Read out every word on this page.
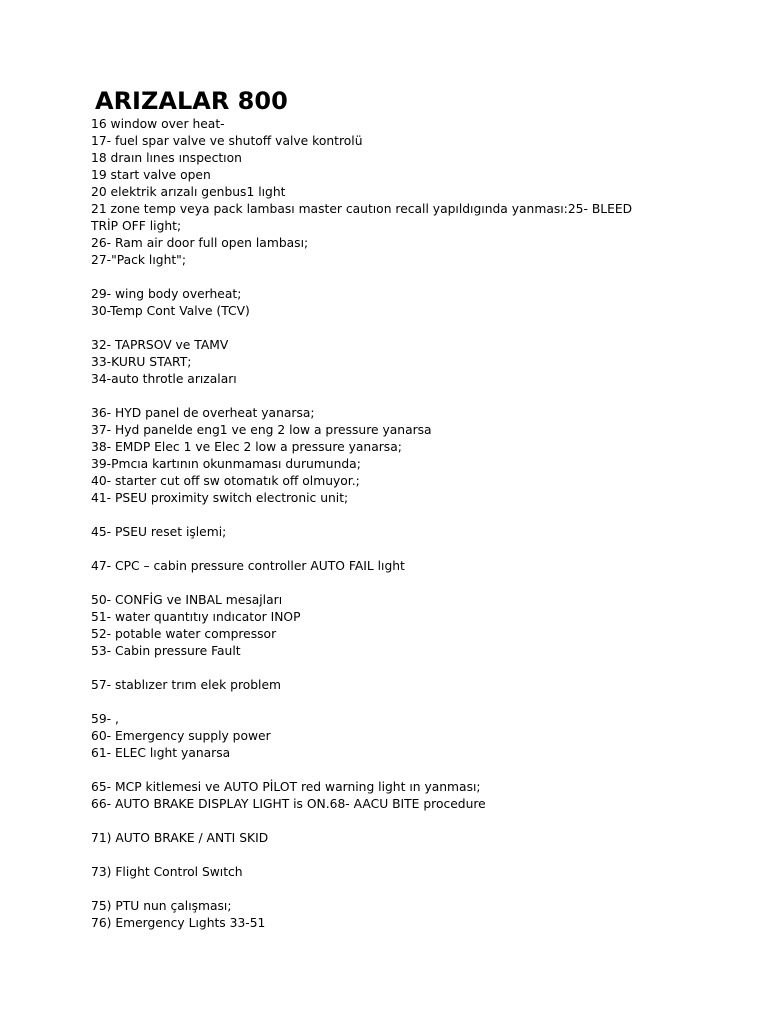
ARIZALAR 800
16 window over heat-
17- fuel spar valve ve shutoff valve kontrolü
18 draın lınes ınspectıon
19 start valve open
20 elektrik arızalı genbus1 lıght
21 zone temp veya pack lambası master cautıon recall yapıldıgında yanması:25- BLEED
TRİP OFF light;
26- Ram air door full open lambası;
27-"Pack lıght";
29- wing body overheat;
30-Temp Cont Valve (TCV)
32- TAPRSOV ve TAMV
33-KURU START;
34-auto throtle arızaları
36- HYD panel de overheat yanarsa;
37- Hyd panelde eng1 ve eng 2 low a pressure yanarsa
38- EMDP Elec 1 ve Elec 2 low a pressure yanarsa;
39-Pmcıa kartının okunmaması durumunda;
40- starter cut off sw otomatık off olmuyor.;
41- PSEU proximity switch electronic unit;
45- PSEU reset işlemi;
47- CPC – cabin pressure controller AUTO FAIL lıght
50- CONFİG ve INBAL mesajları
51- water quantıtıy ındıcator INOP
52- potable water compressor
53- Cabin pressure Fault
57- stablızer trım elek problem
59- ,
60- Emergency supply power
61- ELEC lıght yanarsa
65- MCP kitlemesi ve AUTO PİLOT red warning light ın yanması;
66- AUTO BRAKE DISPLAY LIGHT is ON.68- AACU BITE procedure
71) AUTO BRAKE / ANTI SKID
73) Flight Control Swıtch
75) PTU nun çalışması;
76) Emergency Lıghts 33-51
